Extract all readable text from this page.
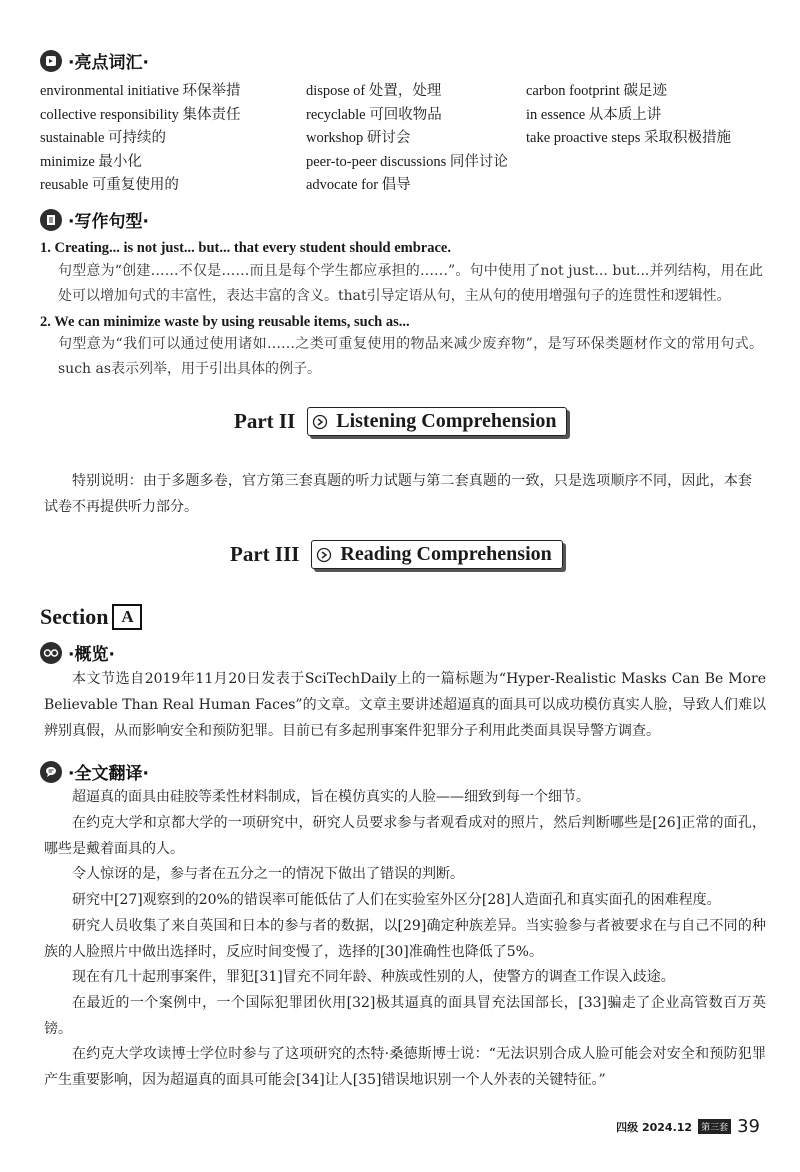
·亮点词汇·
environmental initiative 环保举措
collective responsibility 集体责任
sustainable 可持续的
minimize 最小化
reusable 可重复使用的
dispose of 处置，处理
recyclable 可回收物品
workshop 研讨会
peer-to-peer discussions 同伴讨论
advocate for 倡导
carbon footprint 碳足迹
in essence 从本质上讲
take proactive steps 采取积极措施
·写作句型·
1. Creating... is not just... but... that every student should embrace.
句型意为“创建……不仅是……而且是每个学生都应承担的……”。句中使用了not just... but...并列结构，用在此处可以增加句式的丰富性，表达丰富的含义。that引导定语从句，主从句的使用增强句子的连贯性和逻辑性。
2. We can minimize waste by using reusable items, such as...
句型意为“我们可以通过使用诸如……之类可重复使用的物品来减少废弃物”，是写环保类题材作文的常用句式。such as表示列举，用于引出具体的例子。
Part II Listening Comprehension
特别说明：由于多题多卷，官方第三套真题的听力试题与第二套真题的一致，只是选项顺序不同，因此，本套试卷不再提供听力部分。
Part III Reading Comprehension
Section A
·概览·
本文节选自2019年11月20日发表于SciTechDaily上的一篇标题为“Hyper-Realistic Masks Can Be More Believable Than Real Human Faces”的文章。文章主要讲述超逼真的面具可以成功模仿真实人脸，导致人们难以辨别真假，从而影响安全和预防犯罪。目前已有多起刑事案件犯罪分子利用此类面具误导警方调查。
·全文翻译·
超逼真的面具由硅胶等柔性材料制成，旨在模仿真实的人脸——细致到每一个细节。
在约克大学和京都大学的一项研究中，研究人员要求参与者观看成对的照片，然后判断哪些是[26]正常的面孔，哪些是戴着面具的人。
令人惊讶的是，参与者在五分之一的情况下做出了错误的判断。
研究中[27]观察到的20%的错误率可能低估了人们在实验室外区分[28]人造面孔和真实面孔的困难程度。
研究人员收集了来自英国和日本的参与者的数据，以[29]确定种族差异。当实验参与者被要求在与自己不同的种族的人脸照片中做出选择时，反应时间变慢了，选择的[30]准确性也降低了5%。
现在有几十起刑事案件，罪犯[31]冒充不同年龄、种族或性别的人，使警方的调查工作误入歧途。
在最近的一个案例中，一个国际犯罪团伙用[32]极其逼真的面具冒充法国部长，[33]骗走了企业高管数百万英镑。
在约克大学攻读博士学位时参与了这项研究的杰特·桑德斯博士说：“无法识别合成人脸可能会对安全和预防犯罪产生重要影响，因为超逼真的面具可能会[34]让人[35]错误地识别一个人外表的关键特征。”
四级 2024.12	第三套 39
